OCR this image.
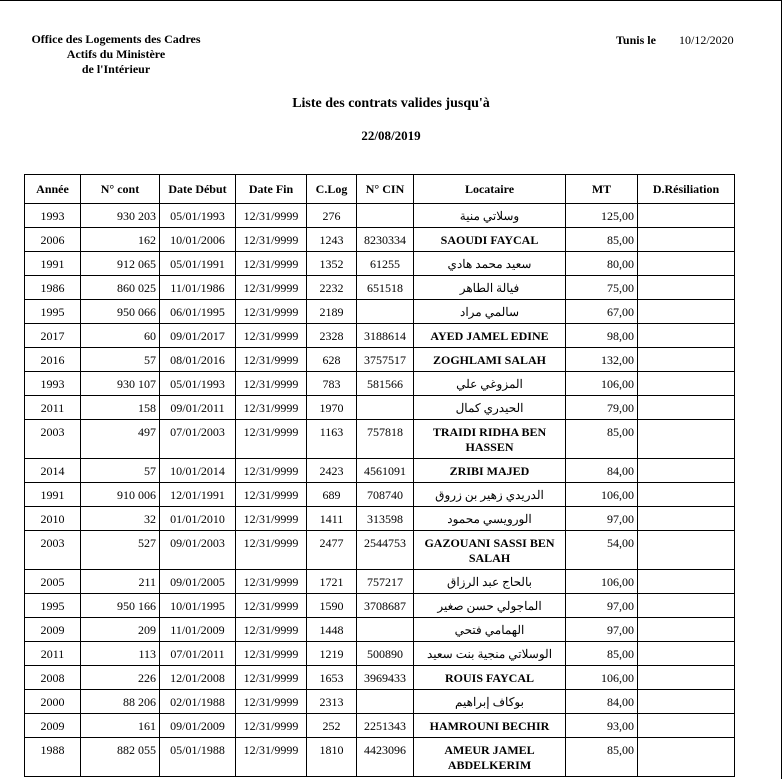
Office des Logements des Cadres
Actifs du Ministère
de l'Intérieur
Tunis le 10/12/2020
Liste des contrats valides jusqu'à
22/08/2019
Année	N° cont	Date Début	Date Fin	C.Log	N° CIN	Locataire	MT	D.Résiliation
1993	930 203	05/01/1993	12/31/9999	276		وسلاتي منية	125,00	
2006	162	10/01/2006	12/31/9999	1243	8230334	SAOUDI FAYCAL	85,00	
1991	912 065	05/01/1991	12/31/9999	1352	61255	سعيد محمد هادي	80,00	
1986	860 025	11/01/1986	12/31/9999	2232	651518	فيالة الطاهر	75,00	
1995	950 066	06/01/1995	12/31/9999	2189		سالمي مراد	67,00	
2017	60	09/01/2017	12/31/9999	2328	3188614	AYED JAMEL EDINE	98,00	
2016	57	08/01/2016	12/31/9999	628	3757517	ZOGHLAMI SALAH	132,00	
1993	930 107	05/01/1993	12/31/9999	783	581566	المزوغي علي	106,00	
2011	158	09/01/2011	12/31/9999	1970		الحيدري كمال	79,00	
2003	497	07/01/2003	12/31/9999	1163	757818	TRAIDI RIDHA BEN HASSEN	85,00	
2014	57	10/01/2014	12/31/9999	2423	4561091	ZRIBI MAJED	84,00	
1991	910 006	12/01/1991	12/31/9999	689	708740	الدريدي زهير بن زروق	106,00	
2010	32	01/01/2010	12/31/9999	1411	313598	الورويسي محمود	97,00	
2003	527	09/01/2003	12/31/9999	2477	2544753	GAZOUANI SASSI BEN SALAH	54,00	
2005	211	09/01/2005	12/31/9999	1721	757217	بالحاج عبد الرزاق	106,00	
1995	950 166	10/01/1995	12/31/9999	1590	3708687	الماجولي حسن صغير	97,00	
2009	209	11/01/2009	12/31/9999	1448		الهمامي فتحي	97,00	
2011	113	07/01/2011	12/31/9999	1219	500890	الوسلاتي منجية بنت سعيد	85,00	
2008	226	12/01/2008	12/31/9999	1653	3969433	ROUIS FAYCAL	106,00	
2000	88 206	02/01/1988	12/31/9999	2313		بوكاف إبراهيم	84,00	
2009	161	09/01/2009	12/31/9999	252	2251343	HAMROUNI BECHIR	93,00	
1988	882 055	05/01/1988	12/31/9999	1810	4423096	AMEUR JAMEL ABDELKERIM	85,00	
